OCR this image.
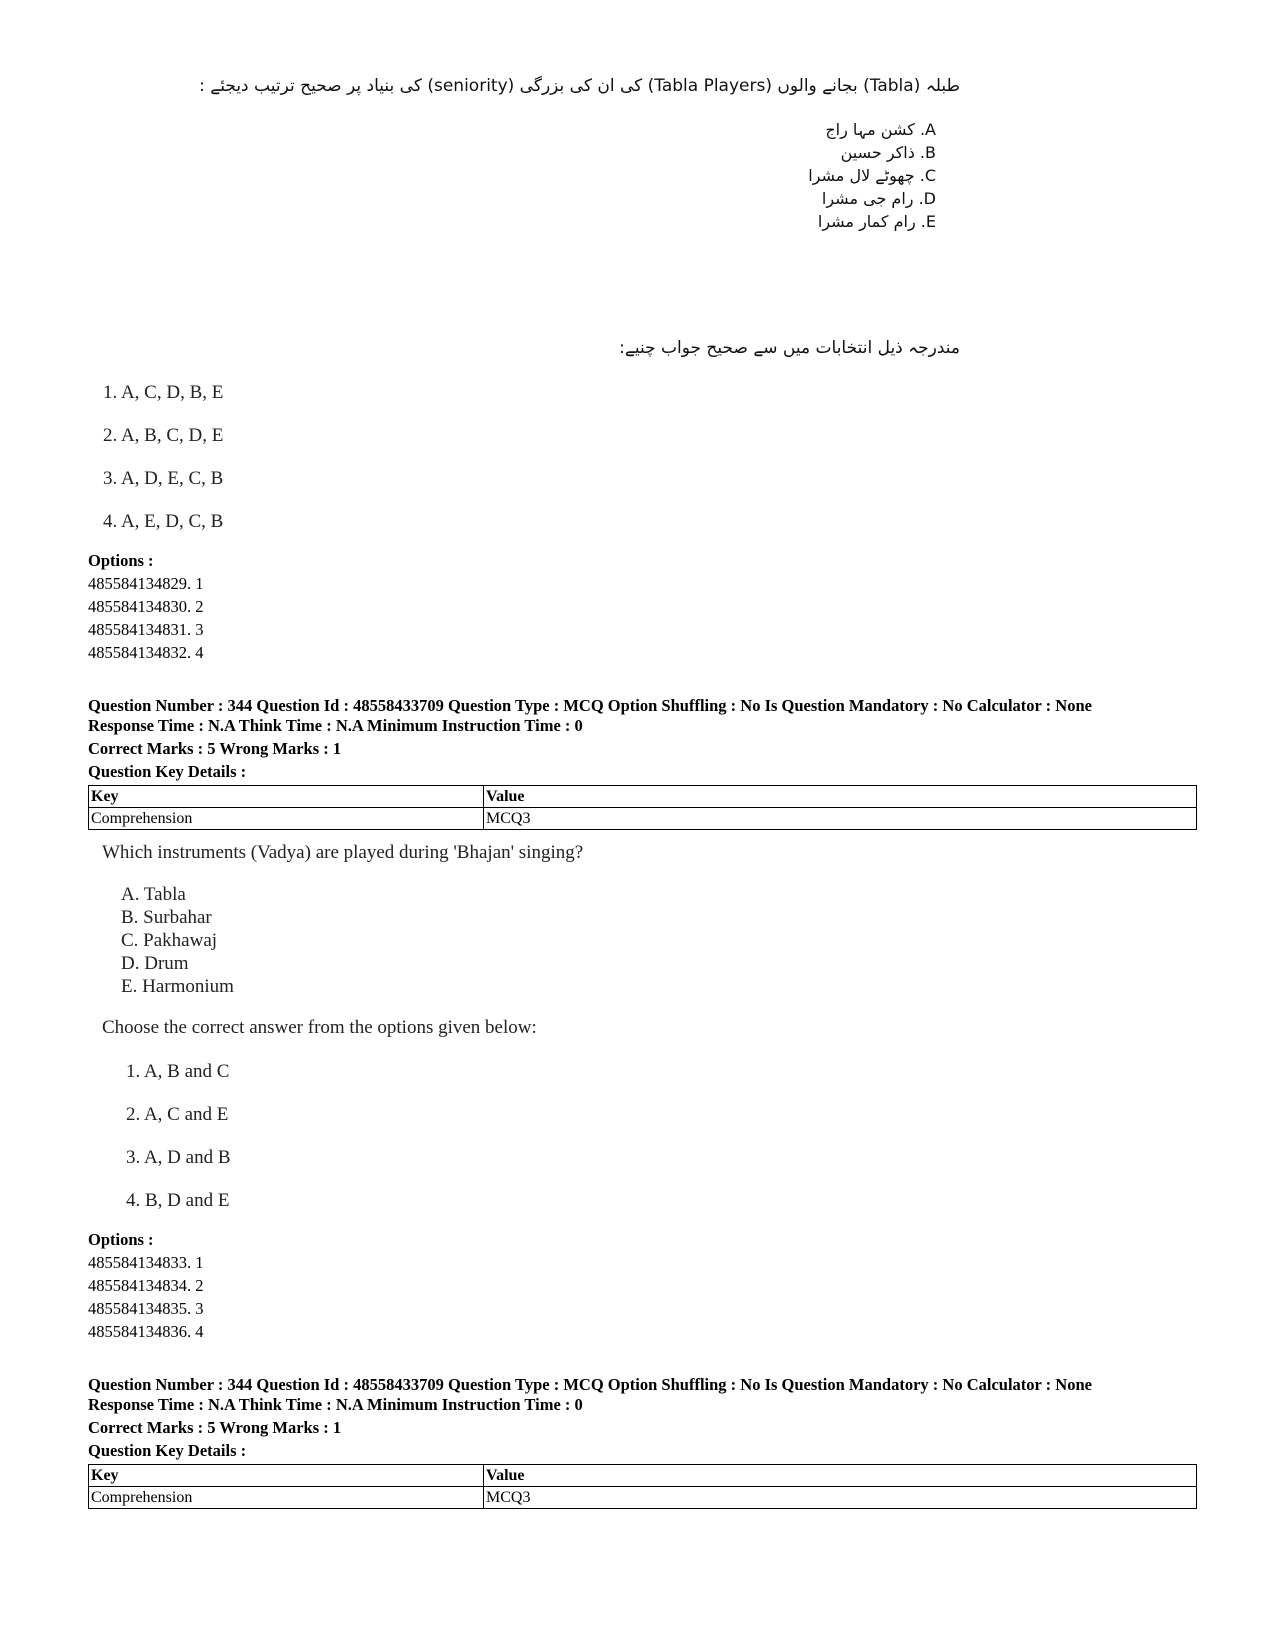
طبلہ (Tabla) بجانے والوں (Tabla Players) کی ان کی بزرگی (seniority) کی بنیاد پر صحیح ترتیب دیجئے :
A. کشن مہا راج
B. ذاکر حسین
C. چھوٹے لال مشرا
D. رام جی مشرا
E. رام کمار مشرا
مندرجہ ذیل انتخابات میں سے صحیح جواب چنیے:
1. A, C, D, B, E
2. A, B, C, D, E
3. A, D, E, C, B
4. A, E, D, C, B
Options :
485584134829. 1
485584134830. 2
485584134831. 3
485584134832. 4
Question Number : 344 Question Id : 48558433709 Question Type : MCQ Option Shuffling : No Is Question Mandatory : No Calculator : None
Response Time : N.A Think Time : N.A Minimum Instruction Time : 0
Correct Marks : 5 Wrong Marks : 1
Question Key Details :
Key	Value
Comprehension	MCQ3
Which instruments (Vadya) are played during 'Bhajan' singing?
A. Tabla
B. Surbahar
C. Pakhawaj
D. Drum
E. Harmonium
Choose the correct answer from the options given below:
1. A, B and C
2. A, C and E
3. A, D and B
4. B, D and E
Options :
485584134833. 1
485584134834. 2
485584134835. 3
485584134836. 4
Question Number : 344 Question Id : 48558433709 Question Type : MCQ Option Shuffling : No Is Question Mandatory : No Calculator : None
Response Time : N.A Think Time : N.A Minimum Instruction Time : 0
Correct Marks : 5 Wrong Marks : 1
Question Key Details :
Key	Value
Comprehension	MCQ3
